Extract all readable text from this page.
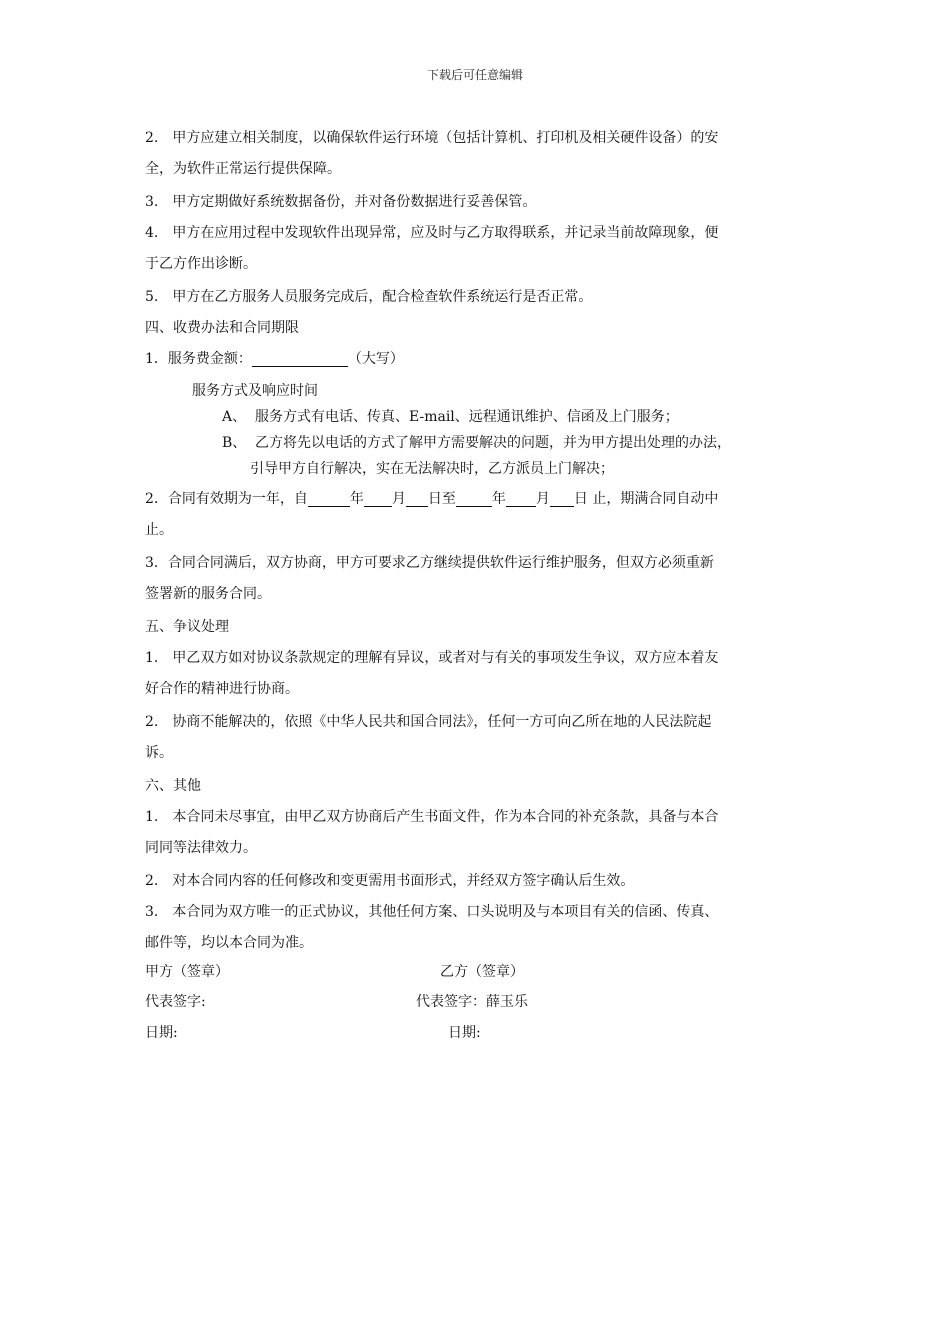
下载后可任意编辑
2.　甲方应建立相关制度，以确保软件运行环境（包括计算机、打印机及相关硬件设备）的安
全，为软件正常运行提供保障。
3.　甲方定期做好系统数据备份，并对备份数据进行妥善保管。
4.　甲方在应用过程中发现软件出现异常，应及时与乙方取得联系，并记录当前故障现象，便
于乙方作出诊断。
5.　甲方在乙方服务人员服务完成后，配合检查软件系统运行是否正常。
四、收费办法和合同期限
1．服务费金额：	（大写）
服务方式及响应时间
A、 服务方式有电话、传真、E-mail、远程通讯维护、信函及上门服务；
B、 乙方将先以电话的方式了解甲方需要解决的问题，并为甲方提出处理的办法，
引导甲方自行解决，实在无法解决时，乙方派员上门解决；
2．合同有效期为一年，自	年 月 日至	年 月 日 止，期满合同自动中
止。
3．合同合同满后，双方协商，甲方可要求乙方继续提供软件运行维护服务，但双方必须重新
签署新的服务合同。
五、争议处理
1.　甲乙双方如对协议条款规定的理解有异议，或者对与有关的事项发生争议，双方应本着友
好合作的精神进行协商。
2.　协商不能解决的，依照《中华人民共和国合同法》，任何一方可向乙所在地的人民法院起
诉。
六、其他
1.　本合同未尽事宜，由甲乙双方协商后产生书面文件，作为本合同的补充条款，具备与本合
同同等法律效力。
2.　对本合同内容的任何修改和变更需用书面形式，并经双方签字确认后生效。
3.　本合同为双方唯一的正式协议，其他任何方案、口头说明及与本项目有关的信函、传真、
邮件等，均以本合同为准。
甲方（签章）	乙方（签章）
代表签字:	代表签字：薛玉乐
日期:	日期:
